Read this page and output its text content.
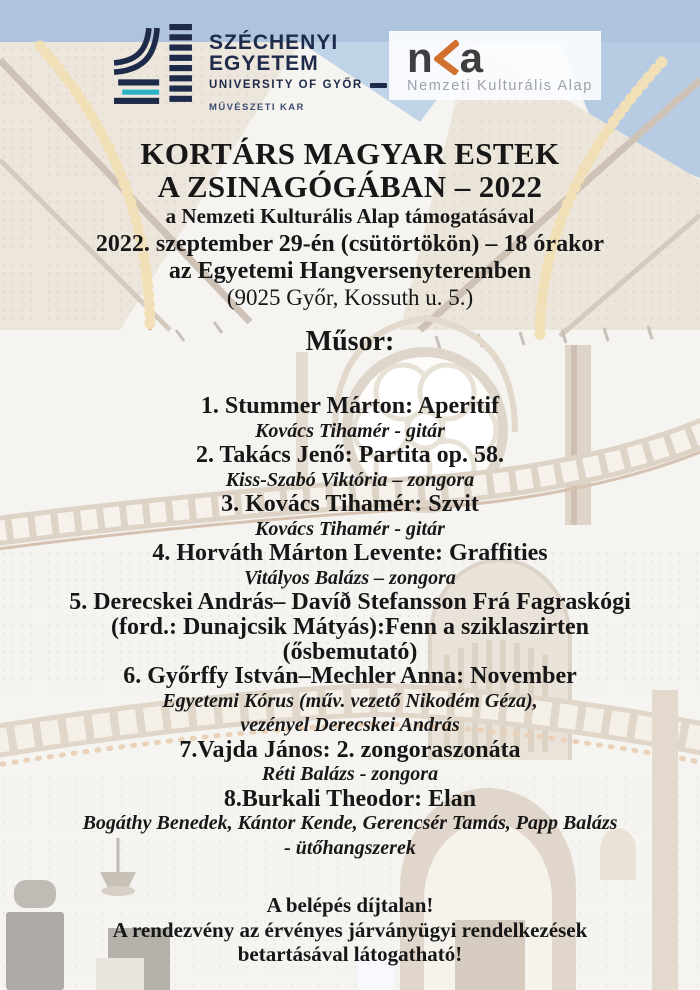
SZÉCHENYI
EGYETEM
UNIVERSITY OF GYŐR
MŰVÉSZETI KAR
n a
Nemzeti Kulturális Alap
KORTÁRS MAGYAR ESTEK
A ZSINAGÓGÁBAN – 2022
a Nemzeti Kulturális Alap támogatásával
2022. szeptember 29-én (csütörtökön) – 18 órakor
az Egyetemi Hangversenyteremben
(9025 Győr, Kossuth u. 5.)
Műsor:
1. Stummer Márton: Aperitif
Kovács Tihamér - gitár
2. Takács Jenő: Partita op. 58.
Kiss-Szabó Viktória – zongora
3. Kovács Tihamér: Szvit
Kovács Tihamér - gitár
4. Horváth Márton Levente: Graffities
Vitályos Balázs – zongora
5. Derecskei András– Davíð Stefansson Frá Fagraskógi
(ford.: Dunajcsik Mátyás):Fenn a sziklaszirten
(ősbemutató)
6. Győrffy István–Mechler Anna: November
Egyetemi Kórus (műv. vezető Nikodém Géza),
vezényel Derecskei András
7.Vajda János: 2. zongoraszonáta
Réti Balázs - zongora
8.Burkali Theodor: Elan
Bogáthy Benedek, Kántor Kende, Gerencsér Tamás, Papp Balázs
- ütőhangszerek
A belépés díjtalan!
A rendezvény az érvényes járványügyi rendelkezések
betartásával látogatható!
